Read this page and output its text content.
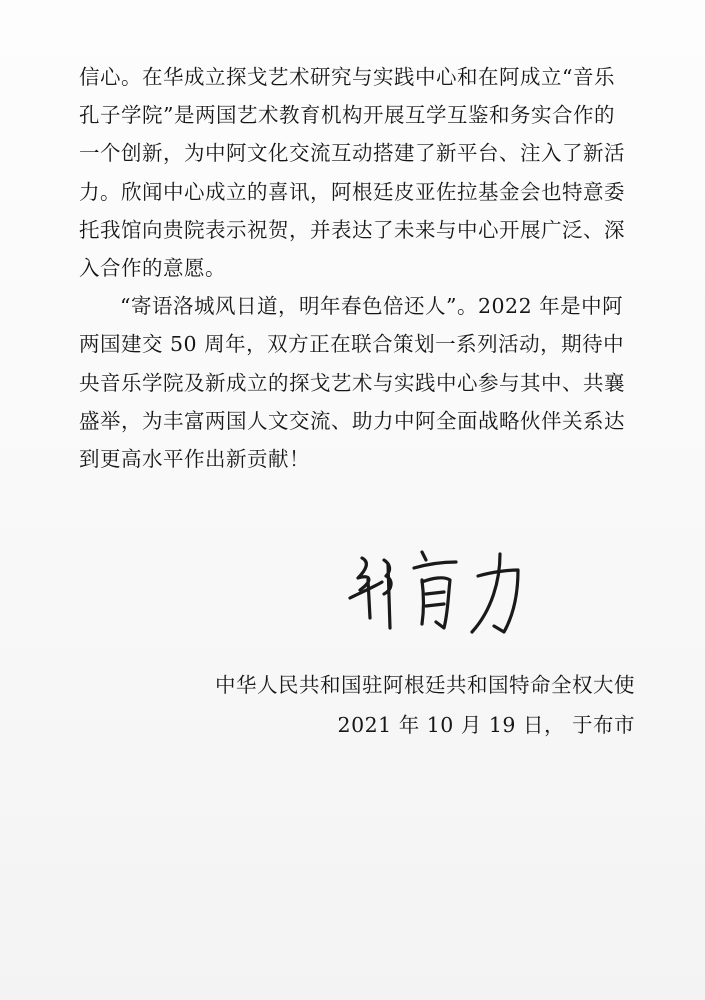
信心。在华成立探戈艺术研究与实践中心和在阿成立“音乐
孔子学院”是两国艺术教育机构开展互学互鉴和务实合作的
一个创新，为中阿文化交流互动搭建了新平台、注入了新活
力。欣闻中心成立的喜讯，阿根廷皮亚佐拉基金会也特意委
托我馆向贵院表示祝贺，并表达了未来与中心开展广泛、深
入合作的意愿。
“寄语洛城风日道，明年春色倍还人”。2022 年是中阿
两国建交 50 周年，双方正在联合策划一系列活动，期待中
央音乐学院及新成立的探戈艺术与实践中心参与其中、共襄
盛举，为丰富两国人文交流、助力中阿全面战略伙伴关系达
到更高水平作出新贡献！
中华人民共和国驻阿根廷共和国特命全权大使
2021 年 10 月 19 日， 于布市
